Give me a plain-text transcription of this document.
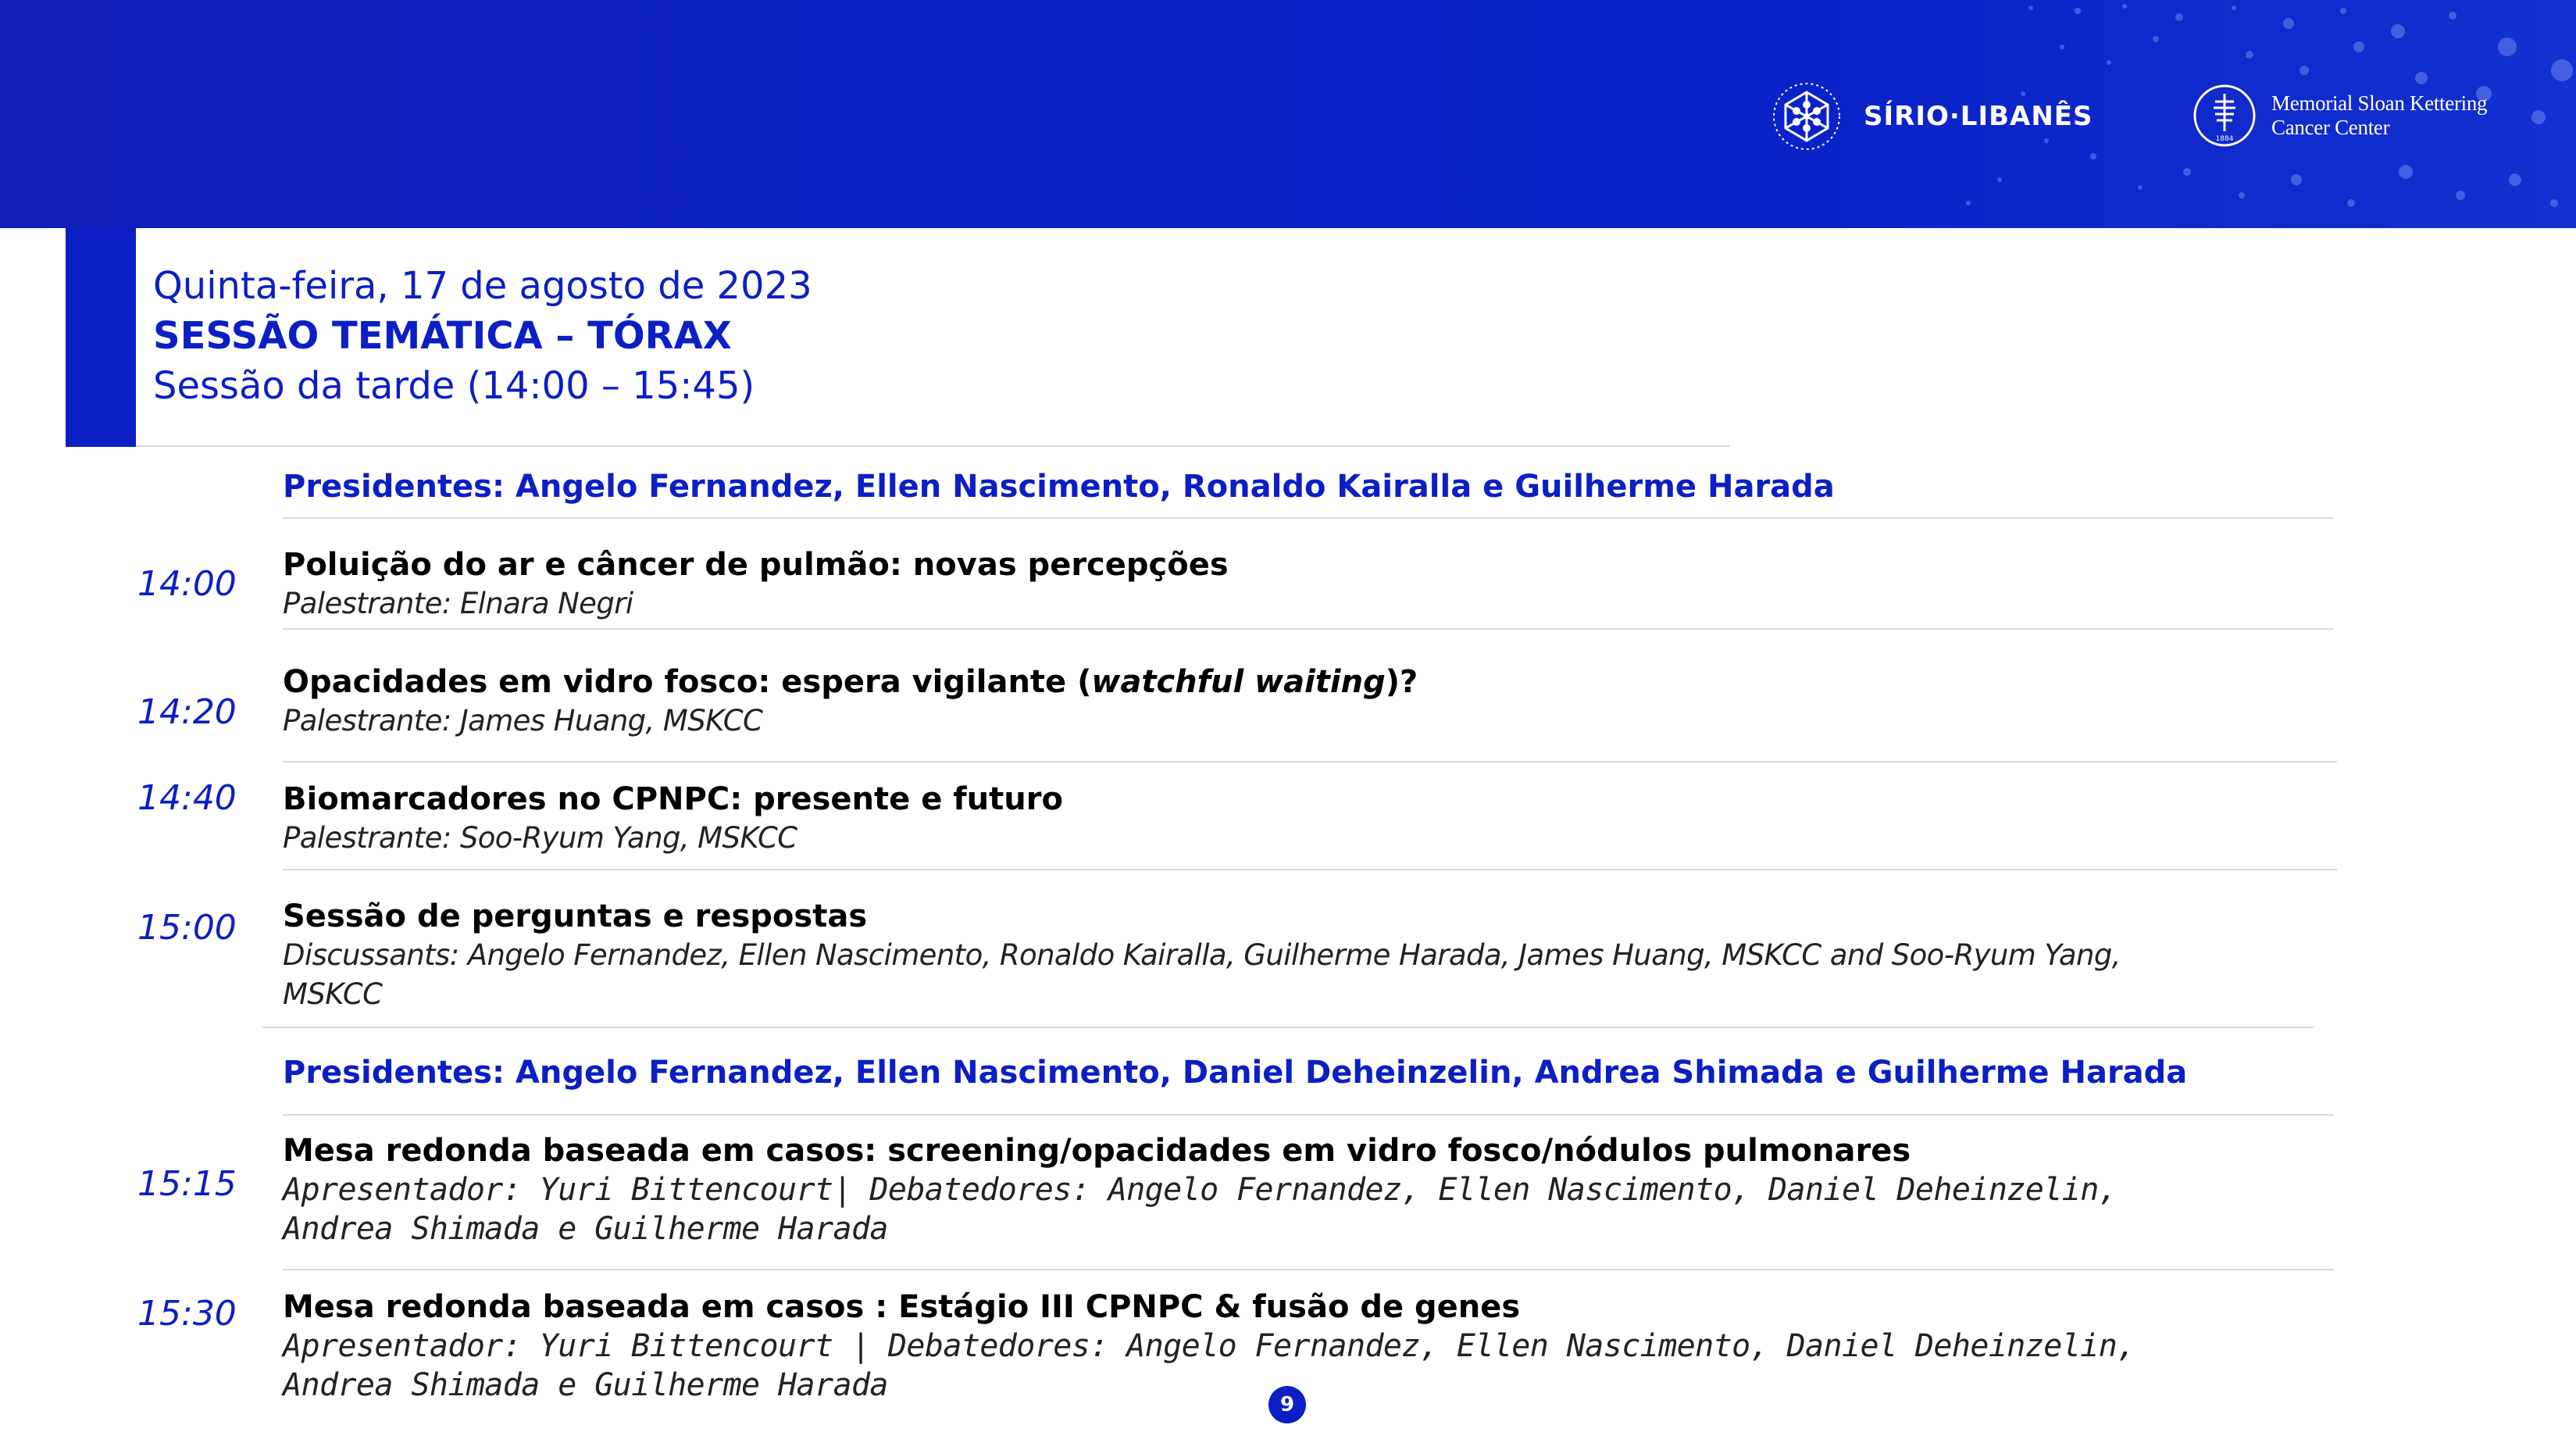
SÍRIO·LIBANÊS
1884
Memorial Sloan Kettering
Cancer Center
Quinta-feira, 17 de agosto de 2023
SESSÃO TEMÁTICA – TÓRAX
Sessão da tarde (14:00 – 15:45)
Presidentes: Angelo Fernandez, Ellen Nascimento, Ronaldo Kairalla e Guilherme Harada
14:00 Poluição do ar e câncer de pulmão: novas percepções
Palestrante: Elnara Negri
14:20
Opacidades em vidro fosco: espera vigilante (watchful waiting)?
Palestrante: James Huang, MSKCC
14:40 Biomarcadores no CPNPC: presente e futuro
Palestrante: Soo-Ryum Yang, MSKCC
15:00 Sessão de perguntas e respostas
Discussants: Angelo Fernandez, Ellen Nascimento, Ronaldo Kairalla, Guilherme Harada, James Huang, MSKCC and Soo-Ryum Yang, MSKCC
Presidentes: Angelo Fernandez, Ellen Nascimento, Daniel Deheinzelin, Andrea Shimada e Guilherme Harada
15:15
Mesa redonda baseada em casos: screening/opacidades em vidro fosco/nódulos pulmonares
Apresentador: Yuri Bittencourt| Debatedores: Angelo Fernandez, Ellen Nascimento, Daniel Deheinzelin, Andrea Shimada e Guilherme Harada
15:30 Mesa redonda baseada em casos : Estágio III CPNPC & fusão de genes
Apresentador: Yuri Bittencourt | Debatedores: Angelo Fernandez, Ellen Nascimento, Daniel Deheinzelin, Andrea Shimada e Guilherme Harada
9
